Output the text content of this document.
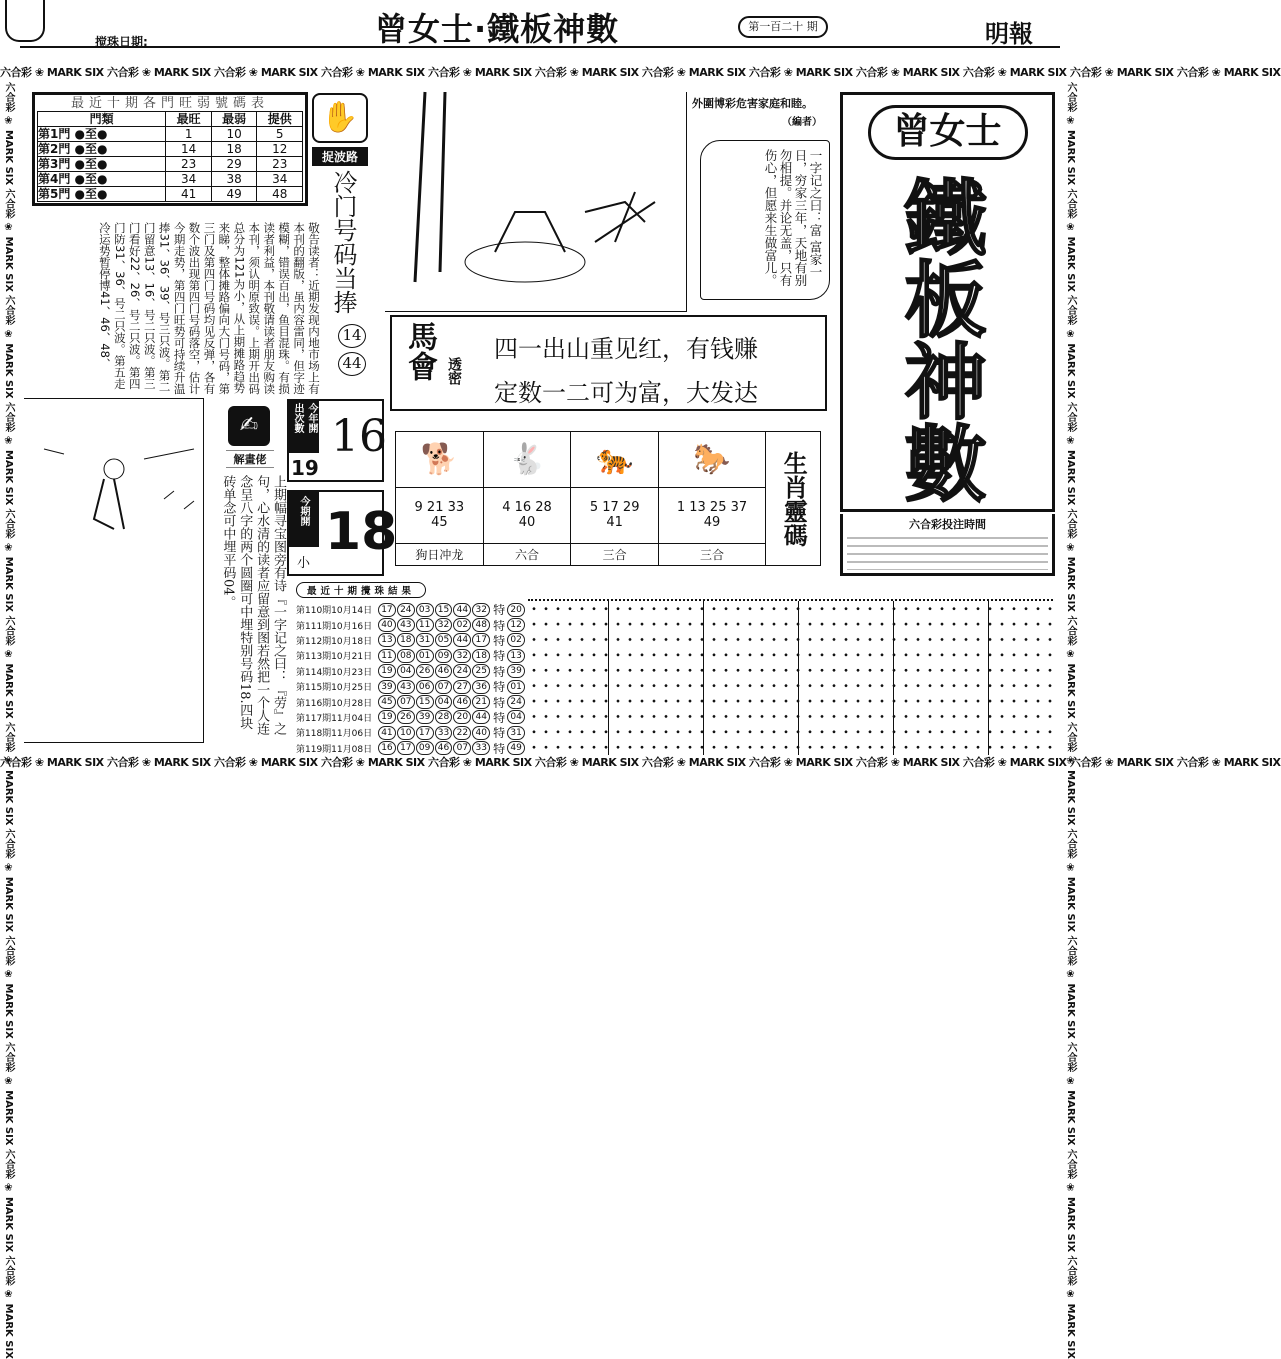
搅珠日期:	曾女士·鐵板神數	第一百二十 期	明報
六合彩 ❀ MARK SIX 六合彩 ❀ MARK SIX 六合彩 ❀ MARK SIX 六合彩 ❀ MARK SIX 六合彩 ❀ MARK SIX 六合彩 ❀ MARK SIX 六合彩 ❀ MARK SIX 六合彩 ❀ MARK SIX 六合彩 ❀ MARK SIX 六合彩 ❀ MARK SIX 六合彩 ❀ MARK SIX 六合彩 ❀ MARK SIX
六合彩 ❀ MARK SIX 六合彩 ❀ MARK SIX 六合彩 ❀ MARK SIX 六合彩 ❀ MARK SIX 六合彩 ❀ MARK SIX 六合彩 ❀ MARK SIX 六合彩 ❀ MARK SIX 六合彩 ❀ MARK SIX 六合彩 ❀ MARK SIX 六合彩 ❀ MARK SIX 六合彩 ❀ MARK SIX 六合彩 ❀ MARK SIX
六合彩 ❀ MARK SIX 六合彩 ❀ MARK SIX 六合彩 ❀ MARK SIX 六合彩 ❀ MARK SIX 六合彩 ❀ MARK SIX 六合彩 ❀ MARK SIX 六合彩 ❀ MARK SIX 六合彩 ❀ MARK SIX 六合彩 ❀ MARK SIX 六合彩 ❀ MARK SIX 六合彩 ❀ MARK SIX 六合彩 ❀ MARK SIX	六合彩 ❀ MARK SIX 六合彩 ❀ MARK SIX 六合彩 ❀ MARK SIX 六合彩 ❀ MARK SIX 六合彩 ❀ MARK SIX 六合彩 ❀ MARK SIX 六合彩 ❀ MARK SIX 六合彩 ❀ MARK SIX 六合彩 ❀ MARK SIX 六合彩 ❀ MARK SIX 六合彩 ❀ MARK SIX 六合彩 ❀ MARK SIX
最近十期各門旺弱號碼表
門類	最旺	最弱	提供
第1門 ●至●	1	10	5
第2門 ●至●	14	18	12
第3門 ●至●	23	29	23
第4門 ●至●	34	38	34
第5門 ●至●	41	49	48
敬告读者：近期发现内地市场上有本刊的翻版，虽内容雷同，但字迹模糊，错误百出，鱼目混珠。有损读者利益，本刊敬请读者朋友购读本刊，须认明原致误。上期开出码总分为121为小，从上期摊路趋势来睇，整体摊路偏向大门号码，第三门及第四门号码均见反弹，各有数个波出现第四门号码落空，估计今期走势，第四门旺势可持续升温捧31、36、39、号三只波。第二门留意13、16、号二只波。第三门看好22、26、号二只波。第四门防31、36、号二只波。第五走冷运势暂停博41、46、48、
✋
捉波路
冷门号码当捧
14
44
外圍博彩危害家庭和睦。
（編者）
一字记之曰：富 富家一日，穷家三年，天地有别勿相提。并论无盖，只有伤心，但愿来生做富儿。
曾女士
鐵板神數
馬會 透密
四一出山重见红，有钱赚
定数一二可为富，大发达
🐕	🐇	🐅	🐎	生肖靈碼

9 21 33 45	4 16 28 40	5 17 29 41	1 13 25 37 49	
狗日冲龙	六合	三合	三合	
✍
解畫佬
上期幅寻宝图旁有诗『一字记之曰：『劳』之句，心水清的读者应留意到图若然把一个人连念呈八字的两个圆圈可中埋特别号码18.四块砖单念可中埋平码04。
今年開
出次數
19
16
今期開
小
18	六合彩投注時間
最近十期攪珠結果
第110期10月14日	17 24 03 15 44 32 特 20
第111期10月16日	40 43 11 32 02 48 特 12
第112期10月18日	13 18 31 05 44 17 特 02
第113期10月21日	11 08 01 09 32 18 特 13
第114期10月23日	19 04 26 46 24 25 特 39
第115期10月25日	39 43 06 07 27 36 特 01
第116期10月28日	45 07 15 04 46 21 特 24
第117期11月04日	19 26 39 28 20 44 特 04
第118期11月06日	41 10 17 33 22 40 特 31
第119期11月08日	16 17 09 46 07 33 特 49
